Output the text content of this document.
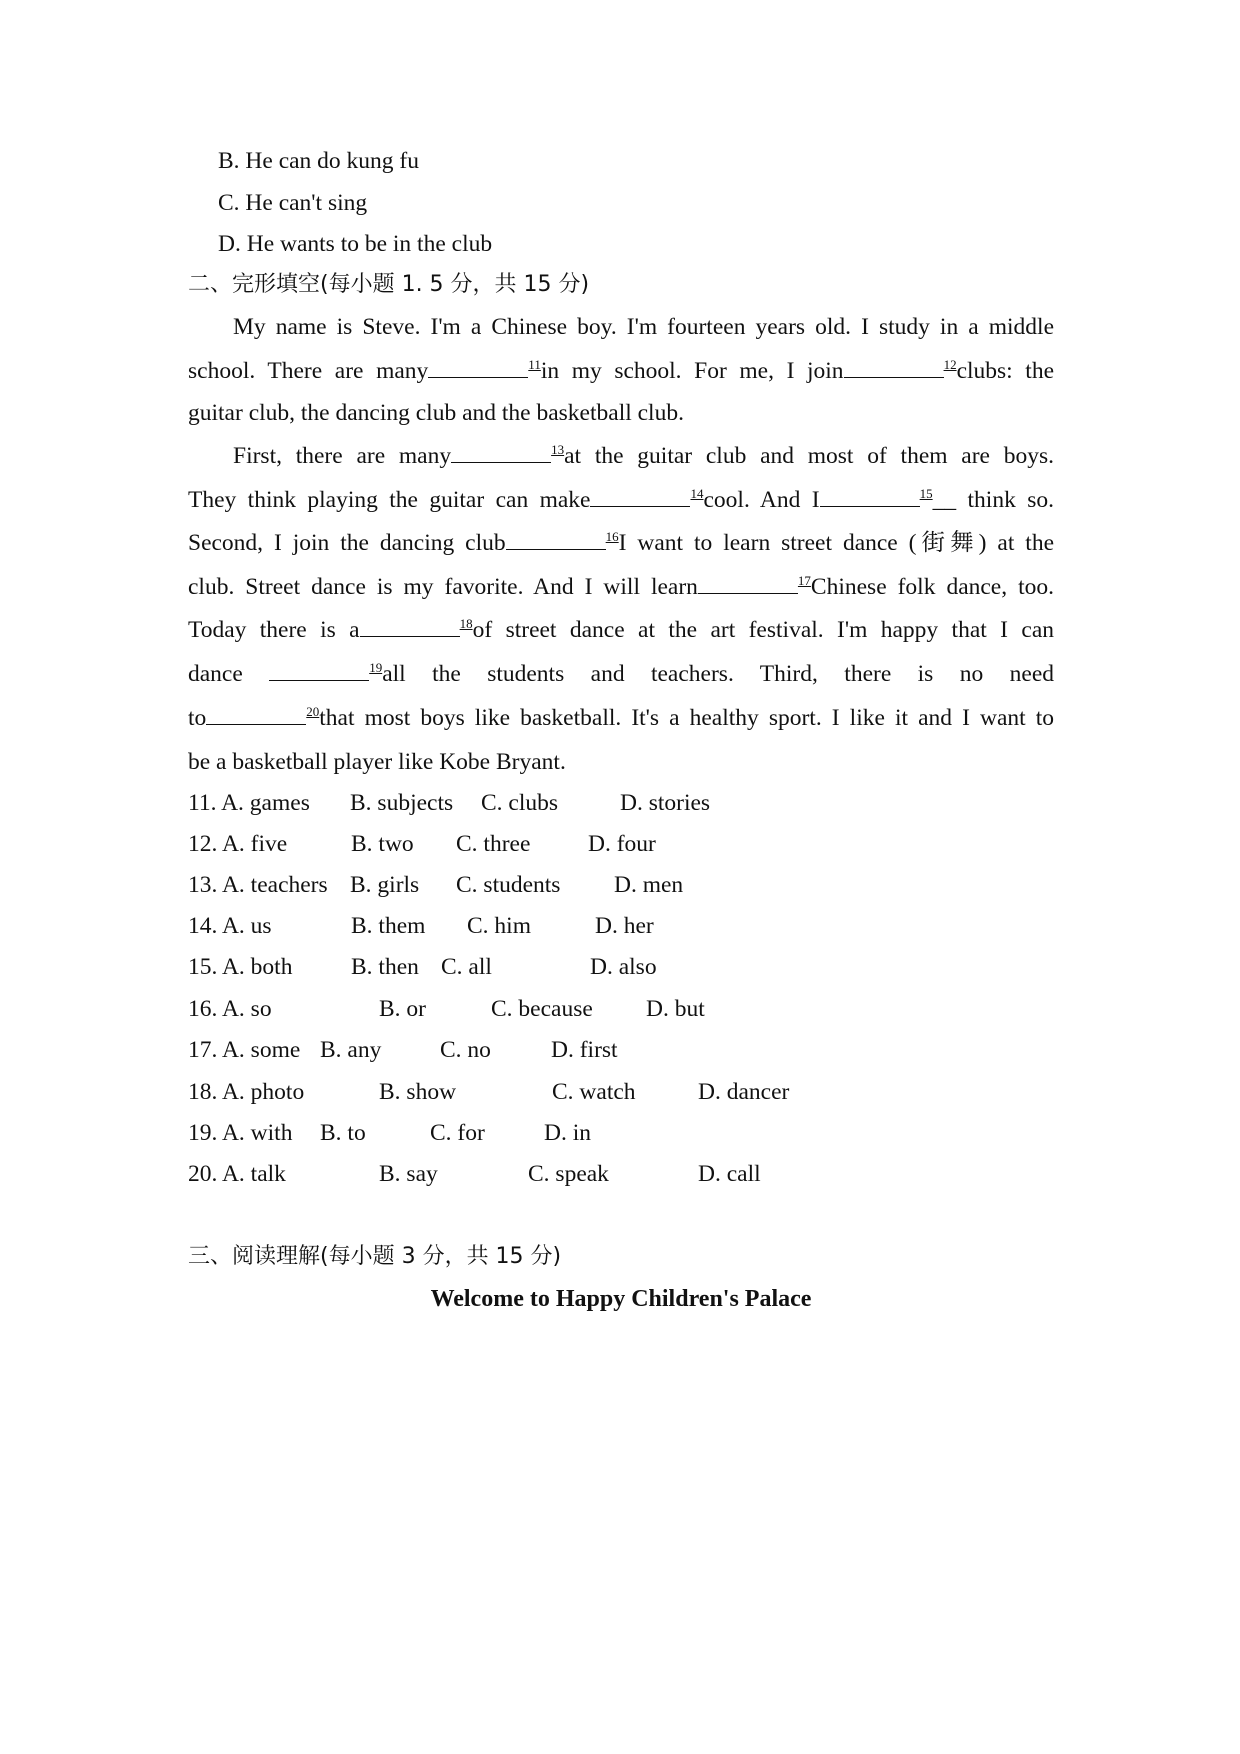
B. He can do kung fu
C. He can't sing
D. He wants to be in the club
二、完形填空(每小题 1. 5 分，共 15 分)
My name is Steve. I'm a Chinese boy. I'm fourteen years old. I study in a middle
school. There are many	$^{11}$in my school. For me, I join	$^{12}$clubs: the
guitar club, the dancing club and the basketball club.
First, there are many	$^{13}$at the guitar club and most of them are boys.
They think playing the guitar can make	$^{14}$cool. And I	$^{15}$__ think so.
Second, I join the dancing club	$^{16}$I want to learn street dance (街舞) at the
club. Street dance is my favorite. And I will learn	$^{17}$Chinese folk dance, too.
Today there is a	$^{18}$of street dance at the art festival. I'm happy that I can
dance	$^{19}$all the students and teachers. Third, there is no need
to	$^{20}$that most boys like basketball. It's a healthy sport. I like it and I want to
be a basketball player like Kobe Bryant.
11. A. games B. subjects C. clubs	D. stories
12. A. five	B. two C. three D. four
13. A. teachers B. girls C. students D. men
14. A. us	B. them C. him	D. her
15. A. both B. then C. all	D. also
16. A. so	B. or	C. because D. but
17. A. some B. any C. no	D. first
18. A. photo	B. show	C. watch	D. dancer
19. A. with B. to	C. for	D. in
20. A. talk	B. say	C. speak	D. call
三、阅读理解(每小题 3 分，共 15 分)
Welcome to Happy Children's Palace
